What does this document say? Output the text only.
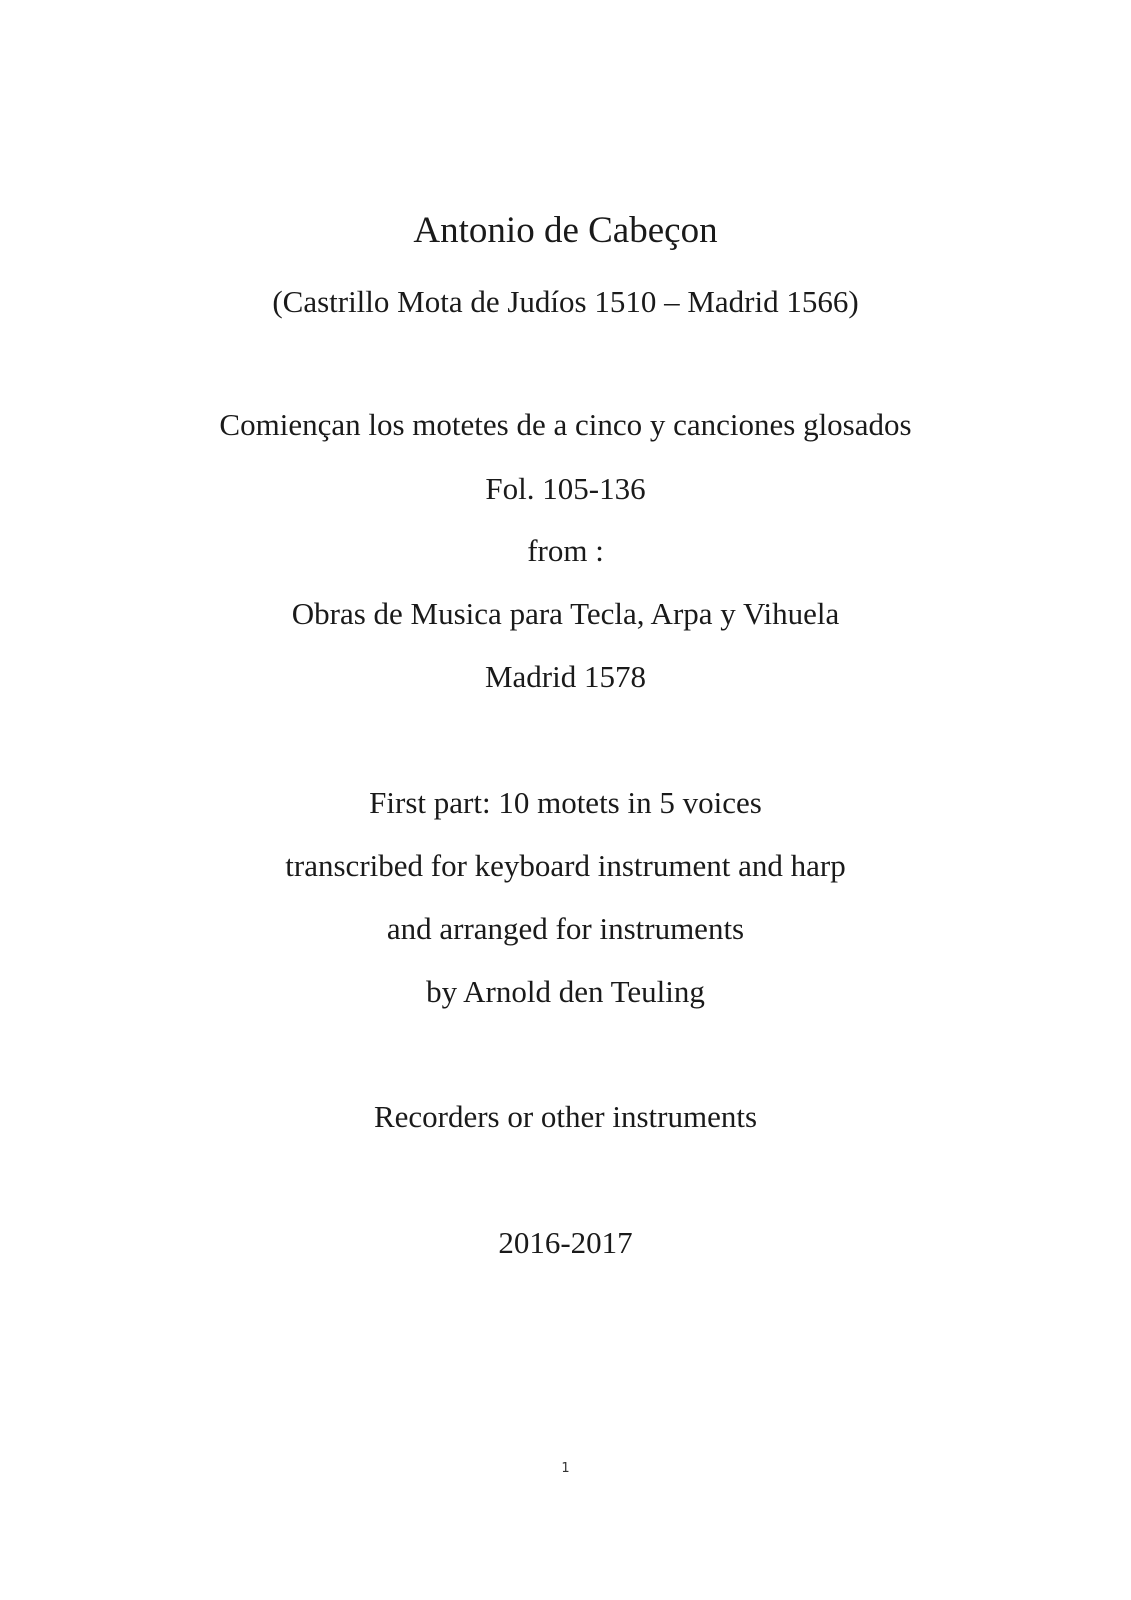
Antonio de Cabeçon
(Castrillo Mota de Judíos 1510 – Madrid 1566)
Comiençan los motetes de a cinco y canciones glosados
Fol. 105-136
from :
Obras de Musica para Tecla, Arpa y Vihuela
Madrid 1578
First part: 10 motets in 5 voices
transcribed for keyboard instrument and harp
and arranged for instruments
by Arnold den Teuling
Recorders or other instruments
2016-2017
1
